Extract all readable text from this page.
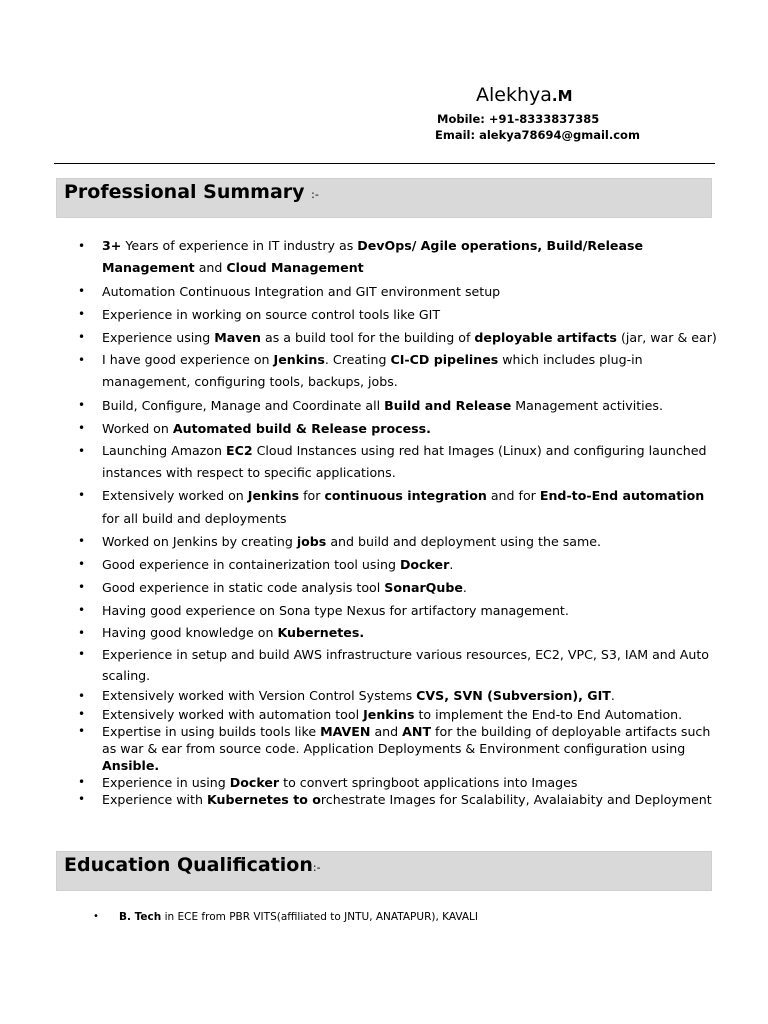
Alekhya.M
Mobile: +91-8333837385
Email: alekya78694@gmail.com
Professional Summary :-
• 3+ Years of experience in IT industry as DevOps/ Agile operations, Build/Release Management and Cloud Management
• Automation Continuous Integration and GIT environment setup
• Experience in working on source control tools like GIT
• Experience using Maven as a build tool for the building of deployable artifacts (jar, war & ear)
• I have good experience on Jenkins. Creating CI-CD pipelines which includes plug-in management, configuring tools, backups, jobs.
• Build, Configure, Manage and Coordinate all Build and Release Management activities.
• Worked on Automated build & Release process.
• Launching Amazon EC2 Cloud Instances using red hat Images (Linux) and configuring launched instances with respect to specific applications.
• Extensively worked on Jenkins for continuous integration and for End-to-End automation for all build and deployments
• Worked on Jenkins by creating jobs and build and deployment using the same.
• Good experience in containerization tool using Docker.
• Good experience in static code analysis tool SonarQube.
• Having good experience on Sona type Nexus for artifactory management.
• Having good knowledge on Kubernetes.
• Experience in setup and build AWS infrastructure various resources, EC2, VPC, S3, IAM and Auto scaling.
• Extensively worked with Version Control Systems CVS, SVN (Subversion), GIT.
• Extensively worked with automation tool Jenkins to implement the End-to End Automation.
• Expertise in using builds tools like MAVEN and ANT for the building of deployable artifacts such as war & ear from source code. Application Deployments & Environment configuration using Ansible.
• Experience in using Docker to convert springboot applications into Images
• Experience with Kubernetes to orchestrate Images for Scalability, Avalaiabity and Deployment
Education Qualification:-
• B. Tech in ECE from PBR VITS(affiliated to JNTU, ANATAPUR), KAVALI
